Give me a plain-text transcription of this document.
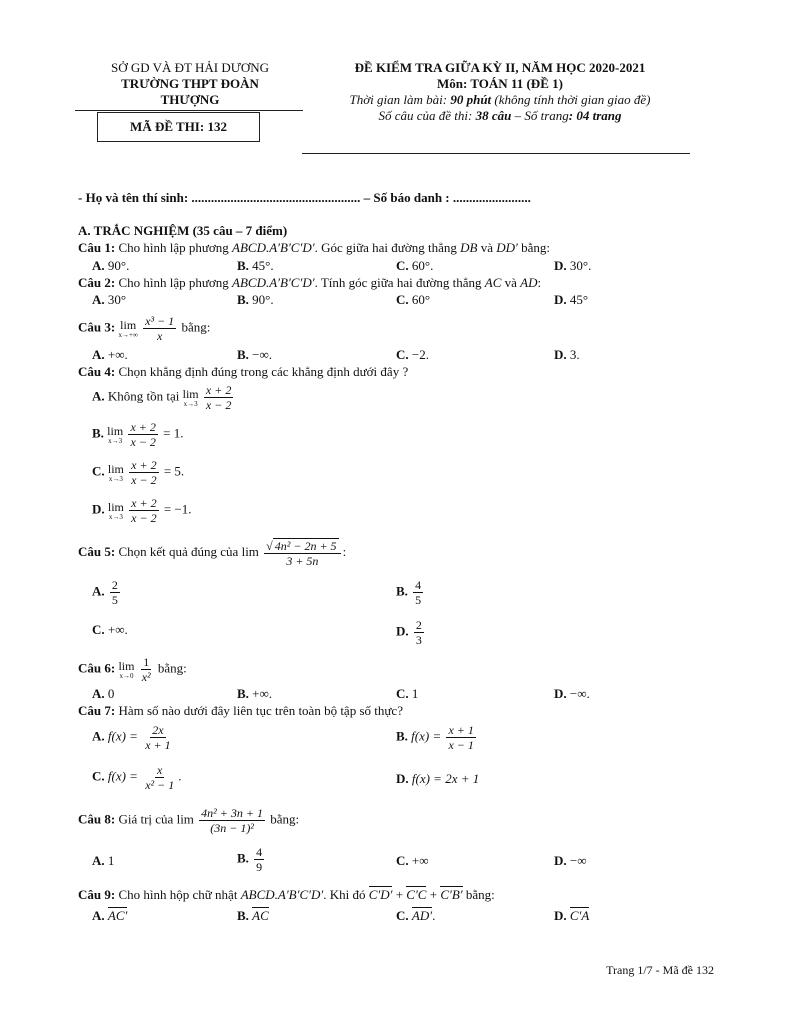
SỞ GD VÀ ĐT HẢI DƯƠNG
TRƯỜNG THPT ĐOÀN
THƯỢNG
MÃ ĐỀ THI: 132
ĐỀ KIỂM TRA GIỮA KỲ II, NĂM HỌC 2020-2021
Môn: TOÁN 11 (ĐỀ 1)
Thời gian làm bài: 90 phút (không tính thời gian giao đề)
Số câu của đề thi: 38 câu – Số trang: 04 trang
- Họ và tên thí sinh: .................................................... – Số báo danh : ........................
A. TRẮC NGHIỆM (35 câu – 7 điểm)
Câu 1: Cho hình lập phương ABCD.A′B′C′D′. Góc giữa hai đường thẳng DB và DD′ bằng:
A. 90°.	B. 45°.	C. 60°.	D. 30°.
Câu 2: Cho hình lập phương ABCD.A′B′C′D′. Tính góc giữa hai đường thẳng AC và AD:
A. 30°	B. 90°.	C. 60°	D. 45°
Câu 3: lim
x→+∞
$\frac{\text{x³ − 1}}{x}$ bằng:
A. +∞.	B. −∞.	C. −2.	D. 3.
Câu 4: Chọn khẳng định đúng trong các khẳng định dưới đây ?
A. Không tồn tại lim
x→3
$\frac{x + 2}{x - 2}$
B. lim
x→3
$\frac{x + 2}{x - 2} = 1$.
C. lim
x→3
$\frac{x + 2}{x - 2} = 5$.
D. lim
x→3
$\frac{x + 2}{x - 2} = -1$.
Câu 5: Chọn kết quả đúng của $\lim \frac{\text{√ 4n² − 2n + 5}}{3 + 5n}$ :
A. $\frac{2}{5}$	B. $\frac{4}{5}$
C. +∞.	D. $\frac{2}{3}$
Câu 6: lim
x→0
$\frac{1}{\text{x²}}$ bằng:
A. 0	B. +∞.	C. 1	D. −∞.
Câu 7: Hàm số nào dưới đây liên tục trên toàn bộ tập số thực?
A. $f(x) = \frac{2x}{x + 1}$	B. $f(x) = \frac{x + 1}{x - 1}$
C. $f(x) = \frac{x}{\text{x² − 1}}$ .	D. f(x) = 2x + 1
Câu 8: Giá trị của $\lim \frac{\text{4n² + 3n + 1}}{\text{(3n − 1)²}}$ bằng:
A. 1	B. $\frac{4}{9}$	C. +∞	D. −∞
Câu 9: Cho hình hộp chữ nhật ABCD.A′B′C′D′. Khi đó C′D′ + C′C + C′B′ bằng:
A. AC′	B. AC	C. AD′.	D. C′A
Trang 1/7 - Mã đề 132
